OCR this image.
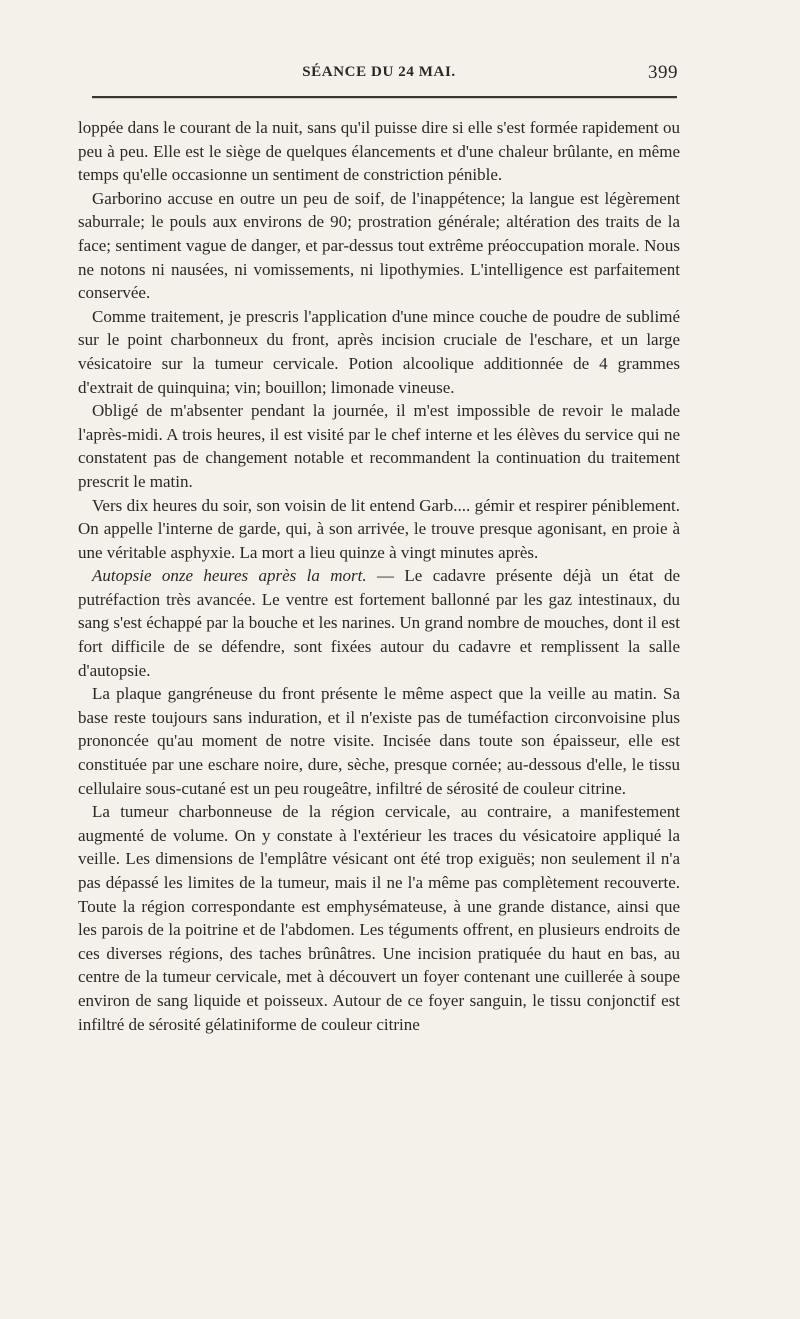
SÉANCE DU 24 MAI.	399

loppée dans le courant de la nuit, sans qu'il puisse dire si elle s'est formée rapidement ou peu à peu. Elle est le siège de quelques élancements et d'une chaleur brûlante, en même temps qu'elle occasionne un sentiment de constriction pénible.

Garborino accuse en outre un peu de soif, de l'inappétence; la langue est légèrement saburrale; le pouls aux environs de 90; prostration générale; altération des traits de la face; sentiment vague de danger, et par-dessus tout extrême préoccupation morale. Nous ne notons ni nausées, ni vomissements, ni lipothymies. L'intelligence est parfaitement conservée.

Comme traitement, je prescris l'application d'une mince couche de poudre de sublimé sur le point charbonneux du front, après incision cruciale de l'eschare, et un large vésicatoire sur la tumeur cervicale. Potion alcoolique additionnée de 4 grammes d'extrait de quinquina; vin; bouillon; limonade vineuse.

Obligé de m'absenter pendant la journée, il m'est impossible de revoir le malade l'après-midi. A trois heures, il est visité par le chef interne et les élèves du service qui ne constatent pas de changement notable et recommandent la continuation du traitement prescrit le matin.

Vers dix heures du soir, son voisin de lit entend Garb.... gémir et respirer péniblement. On appelle l'interne de garde, qui, à son arrivée, le trouve presque agonisant, en proie à une véritable asphyxie. La mort a lieu quinze à vingt minutes après.

Autopsie onze heures après la mort. — Le cadavre présente déjà un état de putréfaction très avancée. Le ventre est fortement ballonné par les gaz intestinaux, du sang s'est échappé par la bouche et les narines. Un grand nombre de mouches, dont il est fort difficile de se défendre, sont fixées autour du cadavre et remplissent la salle d'autopsie.

La plaque gangréneuse du front présente le même aspect que la veille au matin. Sa base reste toujours sans induration, et il n'existe pas de tuméfaction circonvoisine plus prononcée qu'au moment de notre visite. Incisée dans toute son épaisseur, elle est constituée par une eschare noire, dure, sèche, presque cornée; au-dessous d'elle, le tissu cellulaire sous-cutané est un peu rougeâtre, infiltré de sérosité de couleur citrine.

La tumeur charbonneuse de la région cervicale, au contraire, a manifestement augmenté de volume. On y constate à l'extérieur les traces du vésicatoire appliqué la veille. Les dimensions de l'emplâtre vésicant ont été trop exiguës; non seulement il n'a pas dépassé les limites de la tumeur, mais il ne l'a même pas complètement recouverte. Toute la région correspondante est emphysémateuse, à une grande distance, ainsi que les parois de la poitrine et de l'abdomen. Les téguments offrent, en plusieurs endroits de ces diverses régions, des taches brûnâtres. Une incision pratiquée du haut en bas, au centre de la tumeur cervicale, met à découvert un foyer contenant une cuillerée à soupe environ de sang liquide et poisseux. Autour de ce foyer sanguin, le tissu conjonctif est infiltré de sérosité gélatiniforme de couleur citrine
